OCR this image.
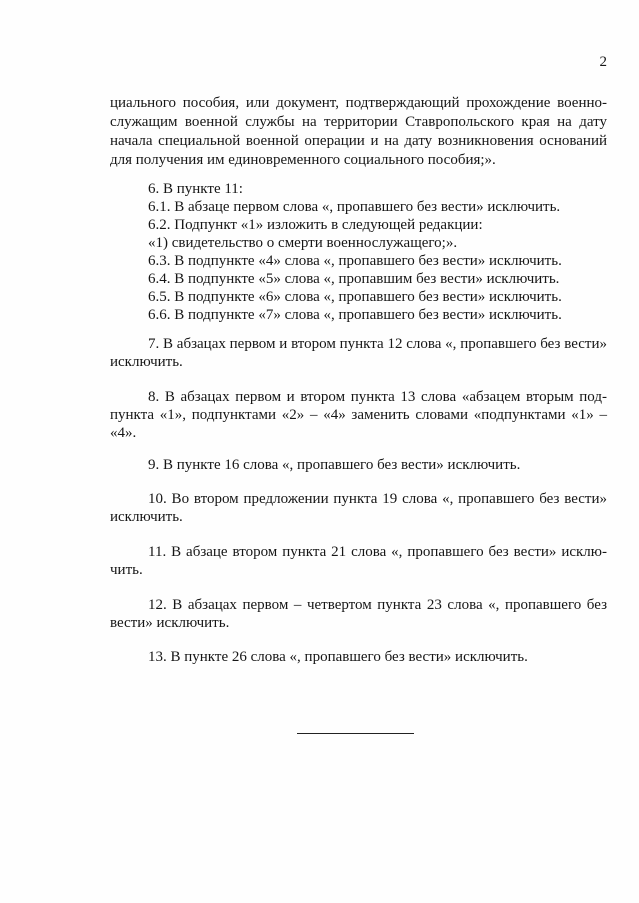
2
циального пособия, или документ, подтверждающий прохождение военно-
служащим военной службы на территории Ставропольского края на дату
начала специальной военной операции и на дату возникновения оснований
для получения им единовременного социального пособия;».
6. В пункте 11:
6.1. В абзаце первом слова «, пропавшего без вести» исключить.
6.2. Подпункт «1» изложить в следующей редакции:
«1) свидетельство о смерти военнослужащего;».
6.3. В подпункте «4» слова «, пропавшего без вести» исключить.
6.4. В подпункте «5» слова «, пропавшим без вести» исключить.
6.5. В подпункте «6» слова «, пропавшего без вести» исключить.
6.6. В подпункте «7» слова «, пропавшего без вести» исключить.
7. В абзацах первом и втором пункта 12 слова «, пропавшего без вести»
исключить.
8. В абзацах первом и втором пункта 13 слова «абзацем вторым под-
пункта «1», подпунктами «2» – «4» заменить словами «подпунктами «1» –
«4».
9. В пункте 16 слова «, пропавшего без вести» исключить.
10. Во втором предложении пункта 19 слова «, пропавшего без вести»
исключить.
11. В абзаце втором пункта 21 слова «, пропавшего без вести» исклю-
чить.
12. В абзацах первом – четвертом пункта 23 слова «, пропавшего без
вести» исключить.
13. В пункте 26 слова «, пропавшего без вести» исключить.
